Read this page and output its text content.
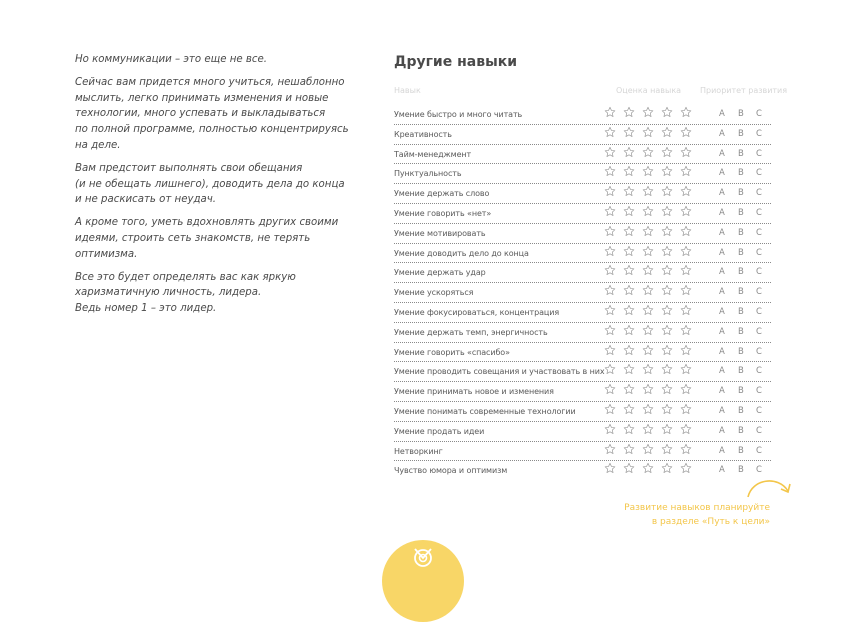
Но коммуникации – это еще не все.

Сейчас вам придется много учиться, нешаблонно
мыслить, легко принимать изменения и новые
технологии, много успевать и выкладываться
по полной программе, полностью концентрируясь
на деле.

Вам предстоит выполнять свои обещания
(и не обещать лишнего), доводить дела до конца
и не раскисать от неудач.

А кроме того, уметь вдохновлять других своими
идеями, строить сеть знакомств, не терять оптимизма.

Все это будет определять вас как яркую
харизматичную личность, лидера.
Ведь номер 1 – это лидер.

Другие навыки
Навык	Оценка навыка Приоритет развития
Умение быстро и много читать	A B C
Креативность	A B C
Тайм-менеджмент	A B C
Пунктуальность	A B C
Умение держать слово	A B C
Умение говорить «нет»	A B C
Умение мотивировать	A B C
Умение доводить дело до конца	A B C
Умение держать удар	A B C
Умение ускоряться	A B C
Умение фокусироваться, концентрация	A B C
Умение держать темп, энергичность	A B C
Умение говорить «спасибо»	A B C
Умение проводить совещания и участвовать в них	A B C
Умение принимать новое и изменения	A B C
Умение понимать современные технологии	A B C
Умение продать идеи	A B C
Нетворкинг	A B C
Чувство юмора и оптимизм	A B C
Развитие навыков планируйте
в разделе «Путь к цели»
